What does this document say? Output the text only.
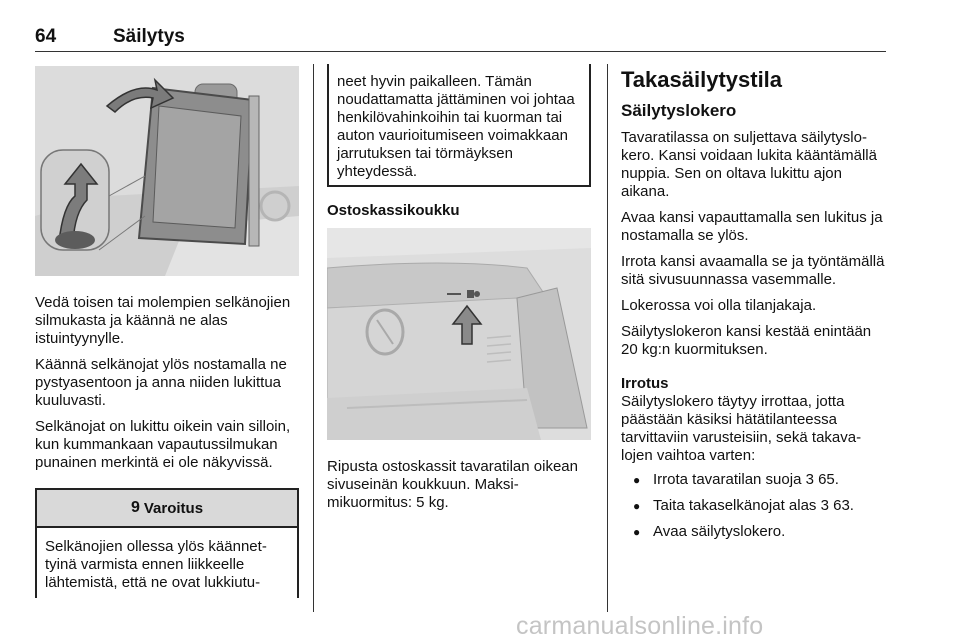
64	Säilytys

Vedä toisen tai molempien selkänojien silmukasta ja käännä ne alas istuintyynylle.

Käännä selkänojat ylös nostamalla ne pystyasentoon ja anna niiden lukittua kuuluvasti.

Selkänojat on lukittu oikein vain silloin, kun kummankaan vapautussilmukan punainen merkintä ei ole näkyvissä.

9 Varoitus
Selkänojien ollessa ylös käännettyinä varmista ennen liikkeelle lähtemistä, että ne ovat lukkiutu-

neet hyvin paikalleen. Tämän noudattamatta jättäminen voi johtaa henkilövahinkoihin tai kuorman tai auton vaurioitumiseen voimakkaan jarrutuksen tai törmäyksen yhteydessä.

Ostoskassikoukku
Ripusta ostoskassit tavaratilan oikean sivuseinän koukkuun. Maksimikuormitus: 5 kg.
Takasäilytystila
Säilytyslokero

Tavaratilassa on suljettava säilytyslokero. Kansi voidaan lukita kääntämällä nuppia. Sen on oltava lukittu ajon aikana.

Avaa kansi vapauttamalla sen lukitus ja nostamalla se ylös.

Irrota kansi avaamalla se ja työntämällä sitä sivusuunnassa vasemmalle.

Lokerossa voi olla tilanjakaja.

Säilytyslokeron kansi kestää enintään 20 kg:n kuormituksen.

Irrotus

Säilytyslokero täytyy irrottaa, jotta päästään käsiksi hätätilanteessa tarvittaviin varusteisiin, sekä takavalojen vaihtoa varten:

● Irrota tavaratilan suoja 3 65.
● Taita takaselkänojat alas 3 63.
● Avaa säilytyslokero.
carmanualsonline.info
